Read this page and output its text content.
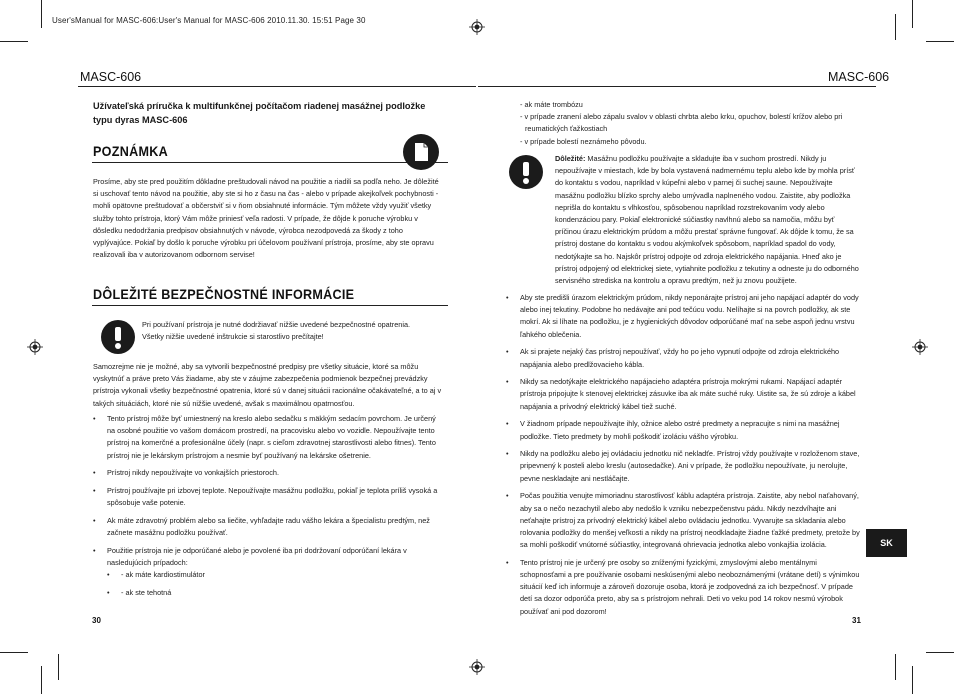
User'sManual for MASC-606:User's Manual for MASC-606 2010.11.30. 15:51 Page 30
MASC-606	MASC-606
Užívateľská príručka k multifunkčnej počítačom riadenej masážnej podložke typu dyras MASC-606
POZNÁMKA
Prosíme, aby ste pred použitím dôkladne preštudovali návod na použitie a riadili sa podľa neho. Je dôležité si uschovať tento návod na použitie, aby ste si ho z času na čas - alebo v prípade akejkoľvek pochybnosti - mohli opätovne preštudovať a občerstviť si v ňom obsiahnuté informácie. Tým môžete vždy využiť všetky služby tohto prístroja, ktorý Vám môže priniesť veľa radosti. V prípade, že dôjde k poruche výrobku v dôsledku nedodržania predpisov obsiahnutých v návode, výrobca nezodpovedá za škody z toho vyplývajúce. Pokiaľ by došlo k poruche výrobku pri účelovom používaní prístroja, prosíme, aby ste opravu realizovali iba v autorizovanom odbornom servise!
DÔLEŽITÉ BEZPEČNOSTNÉ INFORMÁCIE
Pri používaní prístroja je nutné dodržiavať nižšie uvedené bezpečnostné opatrenia. Všetky nižšie uvedené inštrukcie si starostlivo prečítajte!
Samozrejme nie je možné, aby sa vytvorili bezpečnostné predpisy pre všetky situácie, ktoré sa môžu vyskytnúť a práve preto Vás žiadame, aby ste v záujme zabezpečenia podmienok bezpečnej prevádzky prístroja vykonali všetky bezpečnostné opatrenia, ktoré sú v danej situácii racionálne očakávateľné, a to aj v takých situáciách, ktoré nie sú nižšie uvedené, avšak s maximálnou opatrnosťou.
• Tento prístroj môže byť umiestnený na kreslo alebo sedačku s mäkkým sedacím povrchom. Je určený na osobné použitie vo vašom domácom prostredí, na pracovisku alebo vo vozidle. Nepoužívajte tento prístroj na komerčné a profesionálne účely (napr. s cieľom zdravotnej starostlivosti alebo fitnes). Tento prístroj nie je lekárskym prístrojom a nesmie byť používaný na lekárske ošetrenie.
• Prístroj nikdy nepoužívajte vo vonkajších priestoroch.
• Prístroj používajte pri izbovej teplote. Nepoužívajte masážnu podložku, pokiaľ je teplota príliš vysoká a spôsobuje vaše potenie.
• Ak máte zdravotný problém alebo sa liečite, vyhľadajte radu vášho lekára a špecialistu predtým, než začnete masážnu podložku používať.
• Použitie prístroja nie je odporúčané alebo je povolené iba pri dodržovaní odporúčaní lekára v nasledujúcich prípadoch:
• - ak máte kardiostimulátor
• - ak ste tehotná
30
- ak máte trombózu
- v prípade zranení alebo zápalu svalov v oblasti chrbta alebo krku, opuchov, bolestí krížov alebo pri reumatických ťažkostiach
- v prípade bolestí neznámeho pôvodu.
Dôležité: Masážnu podložku používajte a skladujte iba v suchom prostredí. Nikdy ju nepoužívajte v miestach, kde by bola vystavená nadmernému teplu alebo kde by mohla prísť do kontaktu s vodou, napríklad v kúpeľni alebo v parnej či suchej saune. Nepoužívajte masážnu podložku blízko sprchy alebo umývadla naplneného vodou. Zaistite, aby podložka neprišla do kontaktu s vlhkosťou, spôsobenou napríklad rozstrekovaním vody alebo kondenzáciou pary. Pokiaľ elektronické súčiastky navlhnú alebo sa namočia, môžu byť príčinou úrazu elektrickým prúdom a môžu prestať správne fungovať. Ak dôjde k tomu, že sa prístroj dostane do kontaktu s vodou akýmkoľvek spôsobom, napríklad spadol do vody, nedotýkajte sa ho. Najskôr prístroj odpojte od zdroja elektrického napájania. Hneď ako je prístroj odpojený od elektrickej siete, vytiahnite podložku z tekutiny a odneste ju do odborného servisného strediska na kontrolu a opravu predtým, než ju znovu použijete.
• Aby ste predišli úrazom elektrickým prúdom, nikdy neponárajte prístroj ani jeho napájací adaptér do vody alebo inej tekutiny. Podobne ho nedávajte ani pod tečúcu vodu. Nelíhajte si na povrch podložky, ak ste mokrí. Ak si líhate na podložku, je z hygienických dôvodov odporúčané mať na sebe aspoň jednu vrstvu ľahkého oblečenia.
• Ak si prajete nejaký čas prístroj nepoužívať, vždy ho po jeho vypnutí odpojte od zdroja elektrického napájania alebo predlžovacieho kábla.
• Nikdy sa nedotýkajte elektrického napájacieho adaptéra prístroja mokrými rukami. Napájací adaptér prístroja pripojujte k stenovej elektrickej zásuvke iba ak máte suché ruky. Uistite sa, že sú zdroje a kábel napájania a prívodný elektrický kábel tiež suché.
• V žiadnom prípade nepoužívajte ihly, ožnice alebo ostré predmety a nepracujte s nimi na masážnej podložke. Tieto predmety by mohli poškodiť izoláciu vášho výrobku.
• Nikdy na podložku alebo jej ovládaciu jednotku nič nekladťe. Prístroj vždy používajte v rozloženom stave, pripevnený k posteli alebo kreslu (autosedačke). Ani v prípade, že podložku nepoužívate, ju nerolujte, pevne neskladajte ani nestláčajte.
• Počas použitia venujte mimoriadnu starostlivosť káblu adaptéra prístroja. Zaistite, aby nebol naťahovaný, aby sa o nečo nezachytil alebo aby nedošlo k vzniku nebezpečenstvu pádu. Nikdy nezdvíhajte ani neťahajte prístroj za prívodný elektrický kábel alebo ovládaciu jednotku. Vyvarujte sa skladania alebo rolovania podložky do menšej veľkosti a nikdy na prístroj neodkladajte žiadne ťažké predmety, pretože by sa mohli poškodiť vnútorné súčiastky, integrovaná ohrievacia jednotka alebo vonkajšia izolácia.
• Tento prístroj nie je určený pre osoby so zníženými fyzickými, zmyslovými alebo mentálnymi schopnosťami a pre používanie osobami neskúsenými alebo neoboznámenými (vrátane detí) s výnimkou situácií keď ich informuje a zároveň dozoruje osoba, ktorá je zodpovedná za ich bezpečnosť. V prípade detí sa dozor odporúča preto, aby sa s prístrojom nehrali. Deti vo veku pod 14 rokov nesmú výrobok používať ani pod dozorom!
SK
31
